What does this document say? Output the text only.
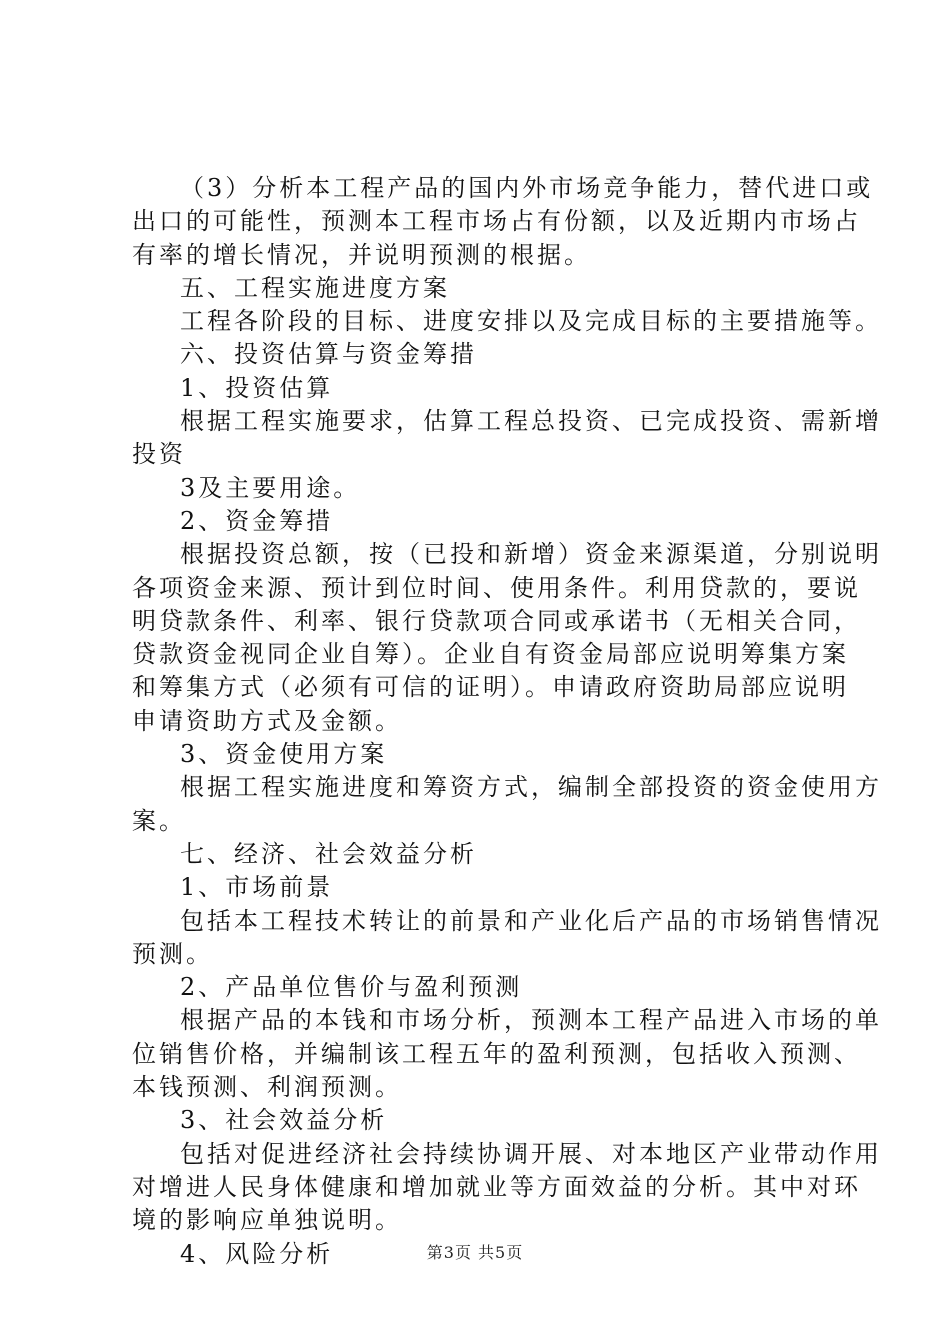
（3）分析本工程产品的国内外市场竞争能力，替代进口或
出口的可能性，预测本工程市场占有份额，以及近期内市场占
有率的增长情况，并说明预测的根据。

五、工程实施进度方案

工程各阶段的目标、进度安排以及完成目标的主要措施等。

六、投资估算与资金筹措

1、投资估算

根据工程实施要求，估算工程总投资、已完成投资、需新增
投资

3及主要用途。

2、资金筹措

根据投资总额，按（已投和新增）资金来源渠道，分别说明
各项资金来源、预计到位时间、使用条件。利用贷款的，要说
明贷款条件、利率、银行贷款项合同或承诺书（无相关合同，
贷款资金视同企业自筹）。企业自有资金局部应说明筹集方案
和筹集方式（必须有可信的证明）。申请政府资助局部应说明
申请资助方式及金额。

3、资金使用方案

根据工程实施进度和筹资方式，编制全部投资的资金使用方
案。

七、经济、社会效益分析

1、市场前景

包括本工程技术转让的前景和产业化后产品的市场销售情况
预测。

2、产品单位售价与盈利预测

根据产品的本钱和市场分析，预测本工程产品进入市场的单
位销售价格，并编制该工程五年的盈利预测，包括收入预测、
本钱预测、利润预测。

3、社会效益分析

包括对促进经济社会持续协调开展、对本地区产业带动作用
对增进人民身体健康和增加就业等方面效益的分析。其中对环
境的影响应单独说明。

4、风险分析	第3页 共5页
